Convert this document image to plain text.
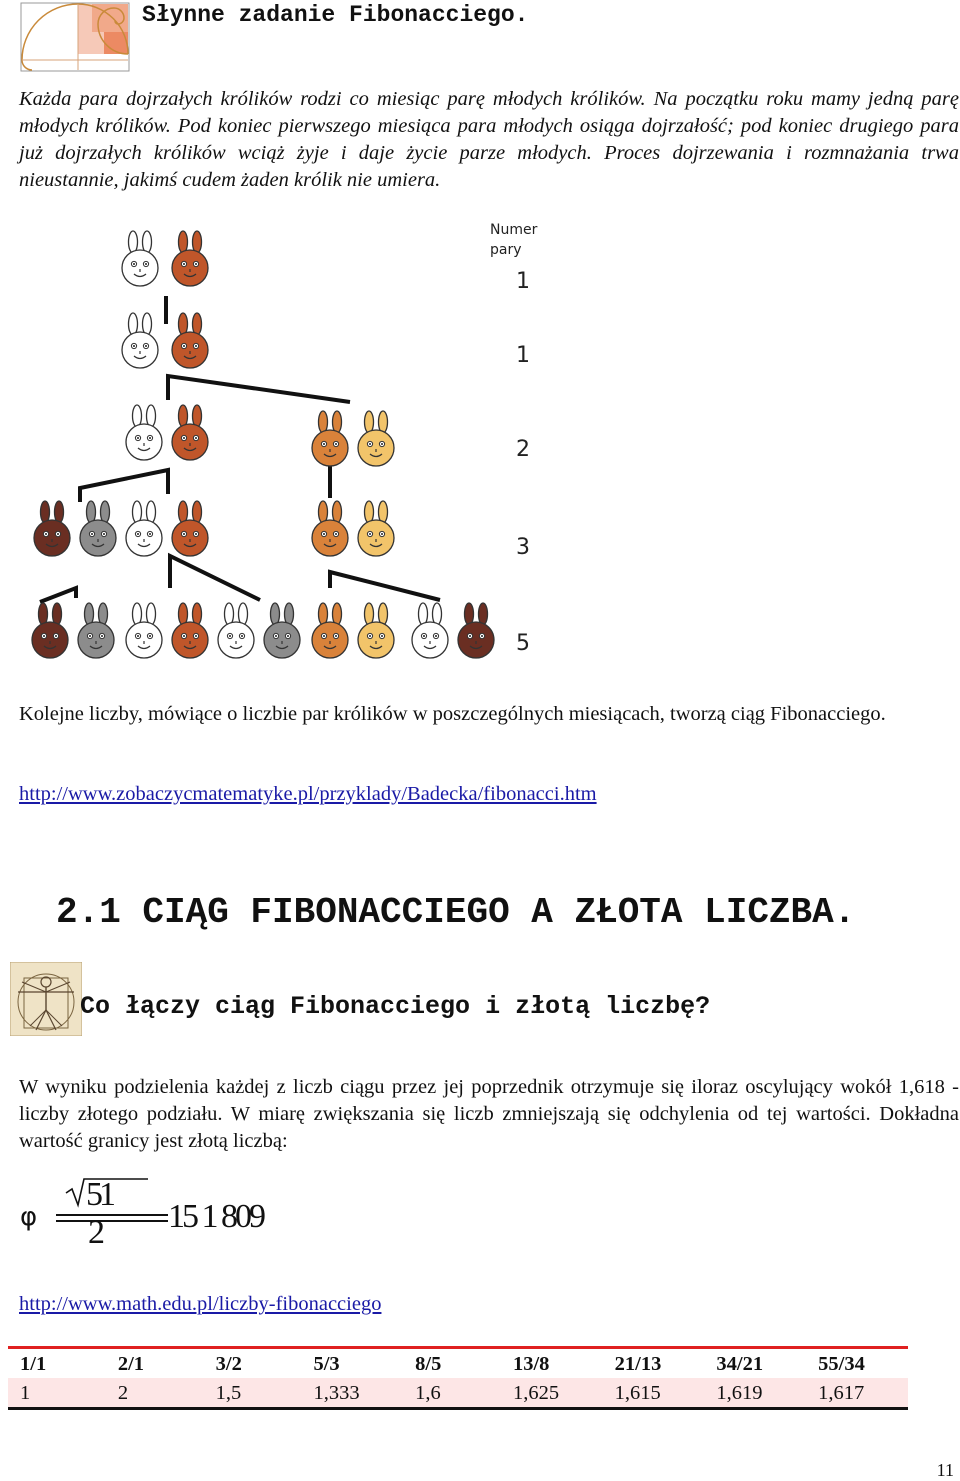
Słynne zadanie Fibonacciego.

Każda para dojrzałych królików rodzi co miesiąc parę młodych królików. Na początku roku mamy jedną parę młodych królików. Pod koniec pierwszego miesiąca para młodych osiąga dojrzałość; pod koniec drugiego para już dojrzałych królików wciąż żyje i daje życie parze młodych. Proces dojrzewania i rozmnażania trwa nieustannie, jakimś cudem żaden królik nie umiera.

Numer
pary
1
1
2
3
5

Kolejne liczby, mówiące o liczbie par królików w poszczególnych miesiącach, tworzą ciąg Fibonacciego.

http://www.zobaczycmatematyke.pl/przyklady/Badecka/fibonacci.htm
2.1 CIĄG FIBONACCIEGO A ZŁOTA LICZBA.
Co łączy ciąg Fibonacciego i złotą liczbę?

W wyniku podzielenia każdej z liczb ciągu przez jej poprzednik otrzymuje się iloraz oscylujący wokół 1,618 - liczby złotego podziału. W miarę zwiększania się liczb zmniejszają się odchylenia od tej wartości. Dokładna wartość granicy jest złotą liczbą:

φ
51
2 15 1 809
http://www.math.edu.pl/liczby-fibonacciego
1/1	2/1	3/2	5/3	8/5	13/8	21/13	34/21	55/34
1	2	1,5	1,333	1,6	1,625	1,615	1,619	1,617
11
